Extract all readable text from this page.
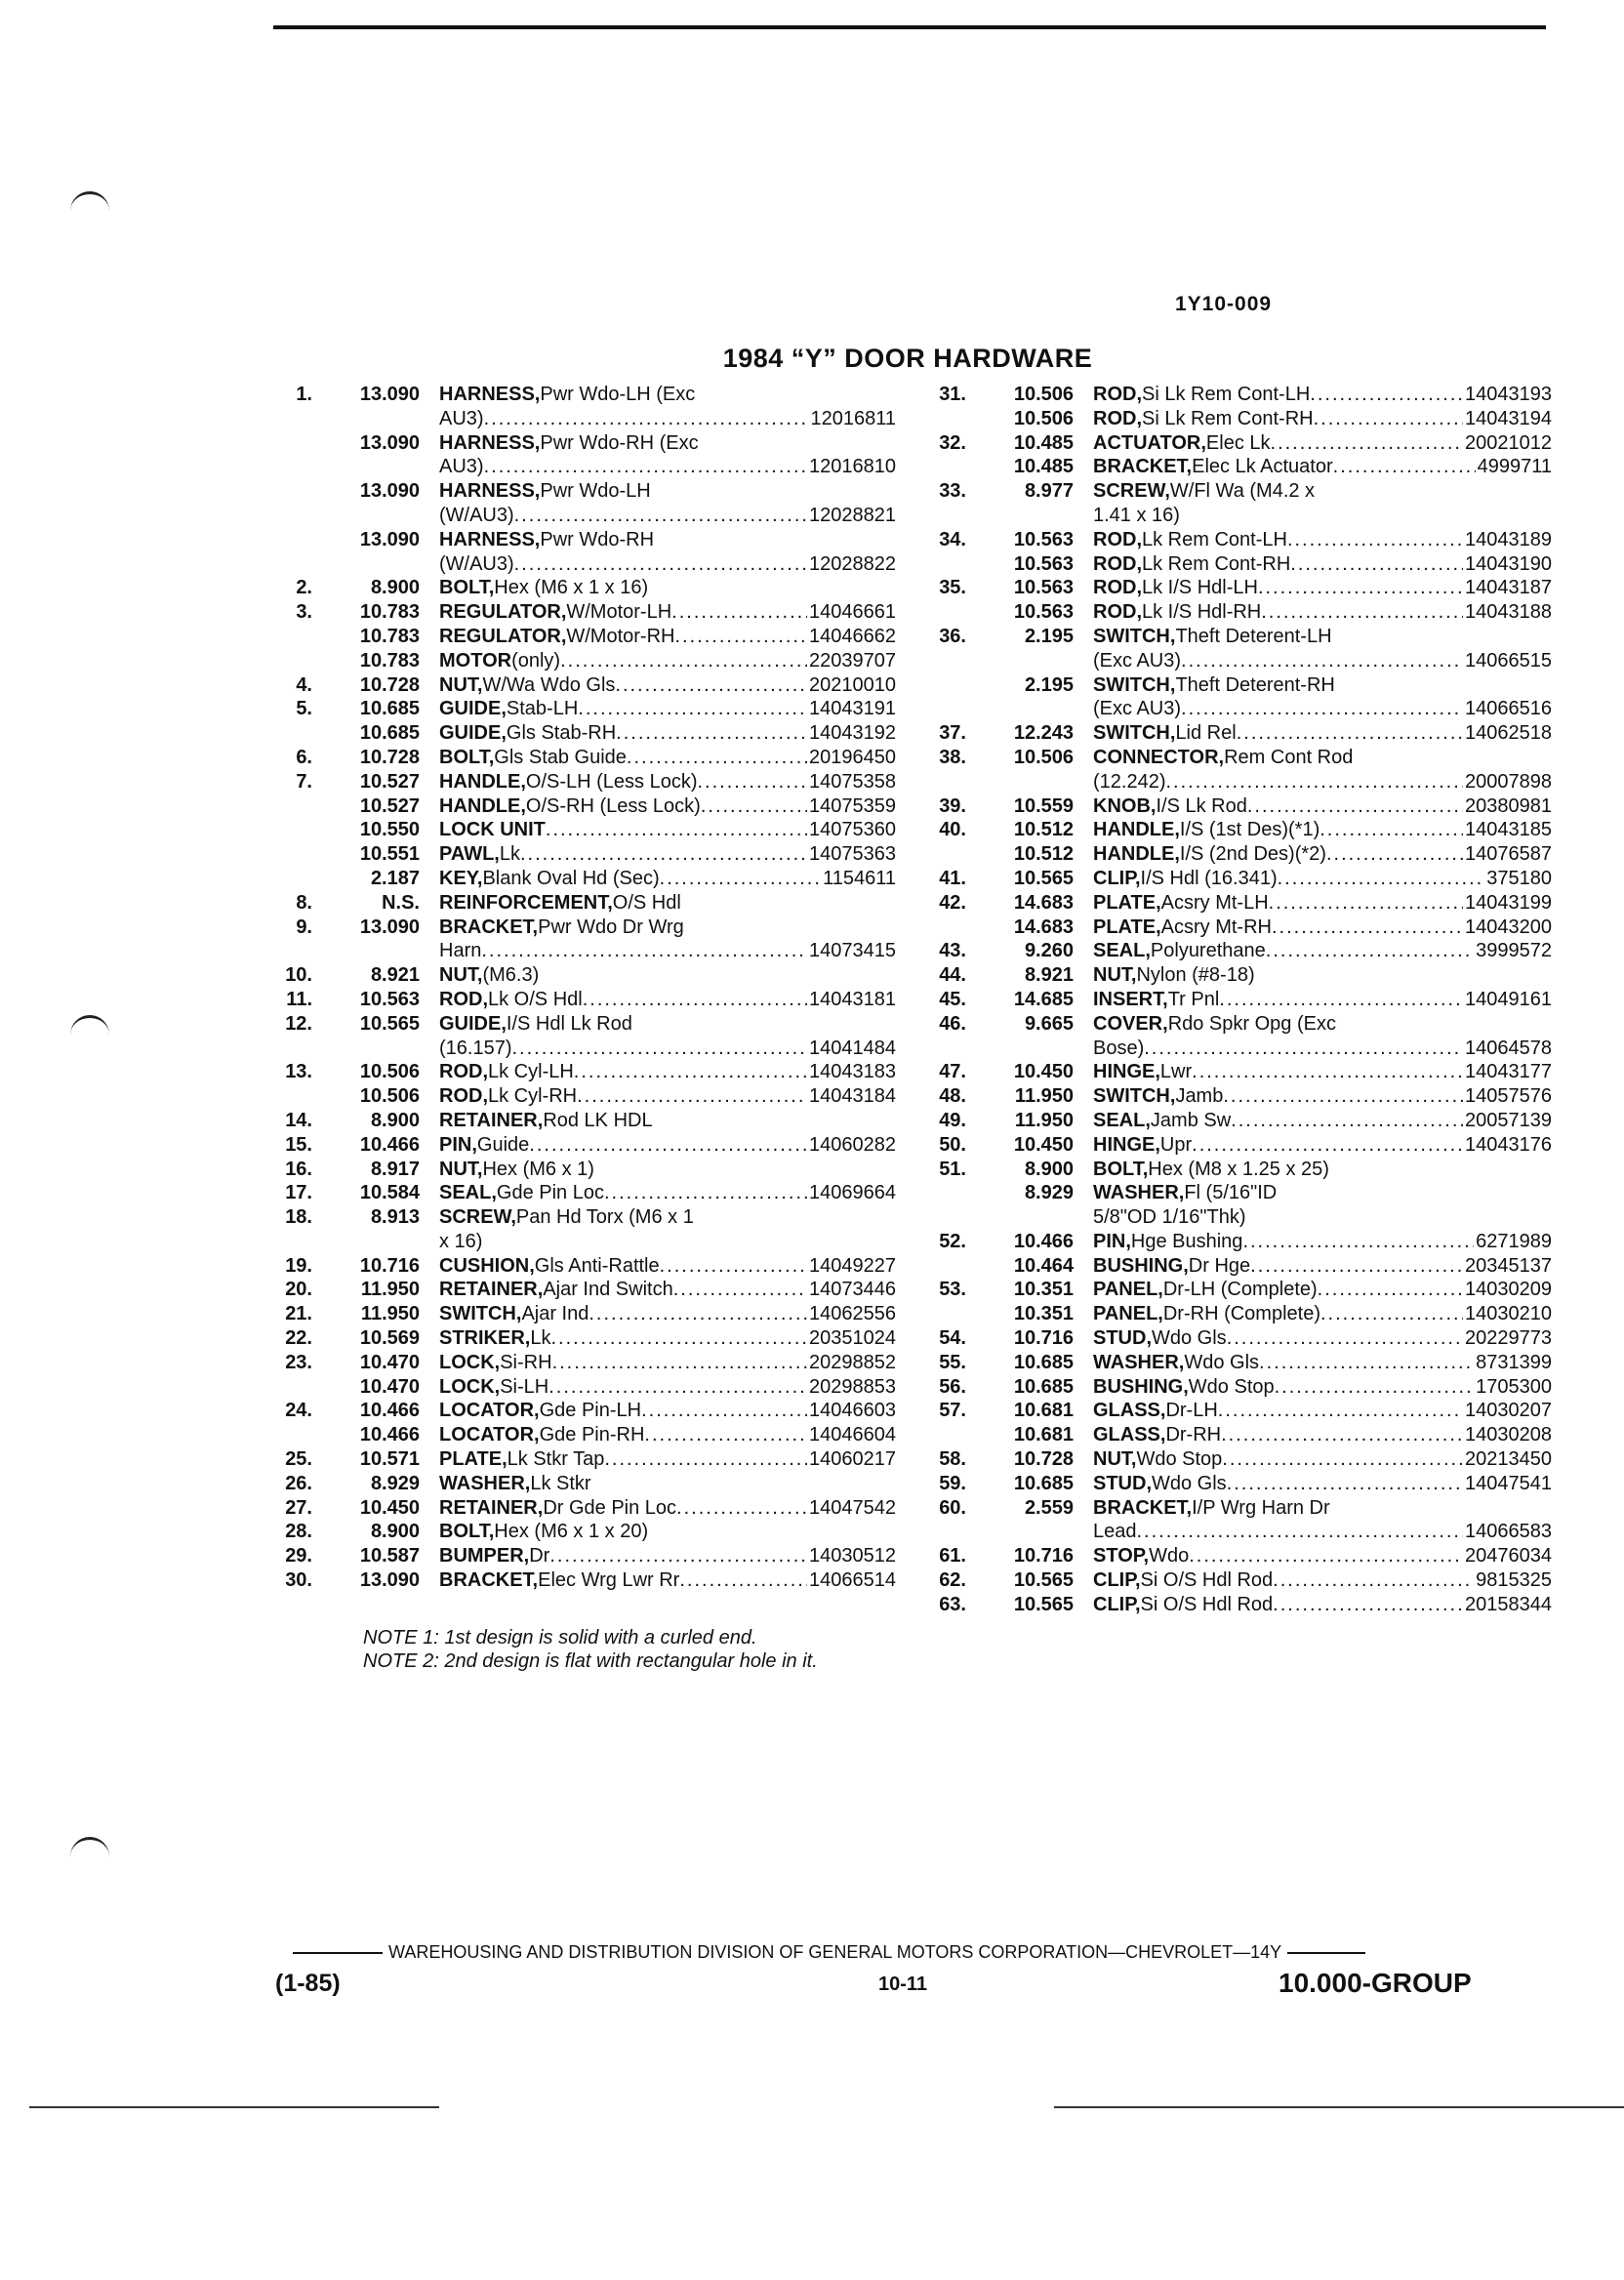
1Y10-009
1984 “Y” DOOR HARDWARE
1.	13.090	HARNESS, Pwr Wdo-LH (Exc
AU3) .....	12016811
13.090	HARNESS, Pwr Wdo-RH (Exc
AU3) .....	12016810
13.090	HARNESS, Pwr Wdo-LH
(W/AU3) .....	12028821
13.090	HARNESS, Pwr Wdo-RH
(W/AU3) .....	12028822
2.	8.900	BOLT, Hex (M6 x 1 x 16)
3.	10.783	REGULATOR, W/Motor-LH .....	14046661
10.783	REGULATOR, W/Motor-RH .....	14046662
10.783	MOTOR (only) .....	22039707
4.	10.728	NUT, W/Wa Wdo Gls .....	20210010
5.	10.685	GUIDE, Stab-LH .....	14043191
10.685	GUIDE, Gls Stab-RH .....	14043192
6.	10.728	BOLT, Gls Stab Guide .....	20196450
7.	10.527	HANDLE, O/S-LH (Less Lock) .....	14075358
10.527	HANDLE, O/S-RH (Less Lock) .....	14075359
10.550	LOCK UNIT .....	14075360
10.551	PAWL, Lk .....	14075363
2.187	KEY, Blank Oval Hd (Sec) .....	1154611
8.	N.S.	REINFORCEMENT, O/S Hdl
9.	13.090	BRACKET, Pwr Wdo Dr Wrg
Harn .....	14073415
10.	8.921	NUT, (M6.3)
11.	10.563	ROD, Lk O/S Hdl .....	14043181
12.	10.565	GUIDE, I/S Hdl Lk Rod
(16.157) .....	14041484
13.	10.506	ROD, Lk Cyl-LH .....	14043183
10.506	ROD, Lk Cyl-RH .....	14043184
14.	8.900	RETAINER, Rod LK HDL
15.	10.466	PIN, Guide .....	14060282
16.	8.917	NUT, Hex (M6 x 1)
17.	10.584	SEAL, Gde Pin Loc .....	14069664
18.	8.913	SCREW, Pan Hd Torx (M6 x 1
x 16)
19.	10.716	CUSHION, Gls Anti-Rattle .....	14049227
20.	11.950	RETAINER, Ajar Ind Switch .....	14073446
21.	11.950	SWITCH, Ajar Ind .....	14062556
22.	10.569	STRIKER, Lk .....	20351024
23.	10.470	LOCK, Si-RH .....	20298852
10.470	LOCK, Si-LH .....	20298853
24.	10.466	LOCATOR, Gde Pin-LH .....	14046603
10.466	LOCATOR, Gde Pin-RH .....	14046604
25.	10.571	PLATE, Lk Stkr Tap .....	14060217
26.	8.929	WASHER, Lk Stkr
27.	10.450	RETAINER, Dr Gde Pin Loc .....	14047542
28.	8.900	BOLT, Hex (M6 x 1 x 20)
29.	10.587	BUMPER, Dr .....	14030512
30.	13.090	BRACKET, Elec Wrg Lwr Rr .....	14066514
31.	10.506	ROD, Si Lk Rem Cont-LH .....	14043193
10.506	ROD, Si Lk Rem Cont-RH .....	14043194
32.	10.485	ACTUATOR, Elec Lk .....	20021012
10.485	BRACKET, Elec Lk Actuator .....	4999711
33.	8.977	SCREW, W/Fl Wa (M4.2 x
1.41 x 16)
34.	10.563	ROD, Lk Rem Cont-LH .....	14043189
10.563	ROD, Lk Rem Cont-RH .....	14043190
35.	10.563	ROD, Lk I/S Hdl-LH .....	14043187
10.563	ROD, Lk I/S Hdl-RH .....	14043188
36.	2.195	SWITCH, Theft Deterent-LH
(Exc AU3) .....	14066515
2.195	SWITCH, Theft Deterent-RH
(Exc AU3) .....	14066516
37.	12.243	SWITCH, Lid Rel .....	14062518
38.	10.506	CONNECTOR, Rem Cont Rod
(12.242) .....	20007898
39.	10.559	KNOB, I/S Lk Rod .....	20380981
40.	10.512	HANDLE, I/S (1st Des)(*1) .....	14043185
10.512	HANDLE, I/S (2nd Des)(*2) .....	14076587
41.	10.565	CLIP, I/S Hdl (16.341) .....	375180
42.	14.683	PLATE, Acsry Mt-LH .....	14043199
14.683	PLATE, Acsry Mt-RH .....	14043200
43.	9.260	SEAL, Polyurethane .....	3999572
44.	8.921	NUT, Nylon (#8-18)
45.	14.685	INSERT, Tr Pnl .....	14049161
46.	9.665	COVER, Rdo Spkr Opg (Exc
Bose) .....	14064578
47.	10.450	HINGE, Lwr .....	14043177
48.	11.950	SWITCH, Jamb .....	14057576
49.	11.950	SEAL, Jamb Sw .....	20057139
50.	10.450	HINGE, Upr .....	14043176
51.	8.900	BOLT, Hex (M8 x 1.25 x 25)
8.929	WASHER, Fl (5/16"ID
5/8"OD 1/16"Thk)
52.	10.466	PIN, Hge Bushing .....	6271989
10.464	BUSHING, Dr Hge .....	20345137
53.	10.351	PANEL, Dr-LH (Complete) .....	14030209
10.351	PANEL, Dr-RH (Complete) .....	14030210
54.	10.716	STUD, Wdo Gls .....	20229773
55.	10.685	WASHER, Wdo Gls .....	8731399
56.	10.685	BUSHING, Wdo Stop .....	1705300
57.	10.681	GLASS, Dr-LH .....	14030207
10.681	GLASS, Dr-RH .....	14030208
58.	10.728	NUT, Wdo Stop .....	20213450
59.	10.685	STUD, Wdo Gls .....	14047541
60.	2.559	BRACKET, I/P Wrg Harn Dr
Lead .....	14066583
61.	10.716	STOP, Wdo .....	20476034
62.	10.565	CLIP, Si O/S Hdl Rod .....	9815325
63.	10.565	CLIP, Si O/S Hdl Rod .....	20158344
NOTE 1: 1st design is solid with a curled end.
NOTE 2: 2nd design is flat with rectangular hole in it.
WAREHOUSING AND DISTRIBUTION DIVISION OF GENERAL MOTORS CORPORATION—CHEVROLET—14Y
(1-85)	10-11	10.000-GROUP
